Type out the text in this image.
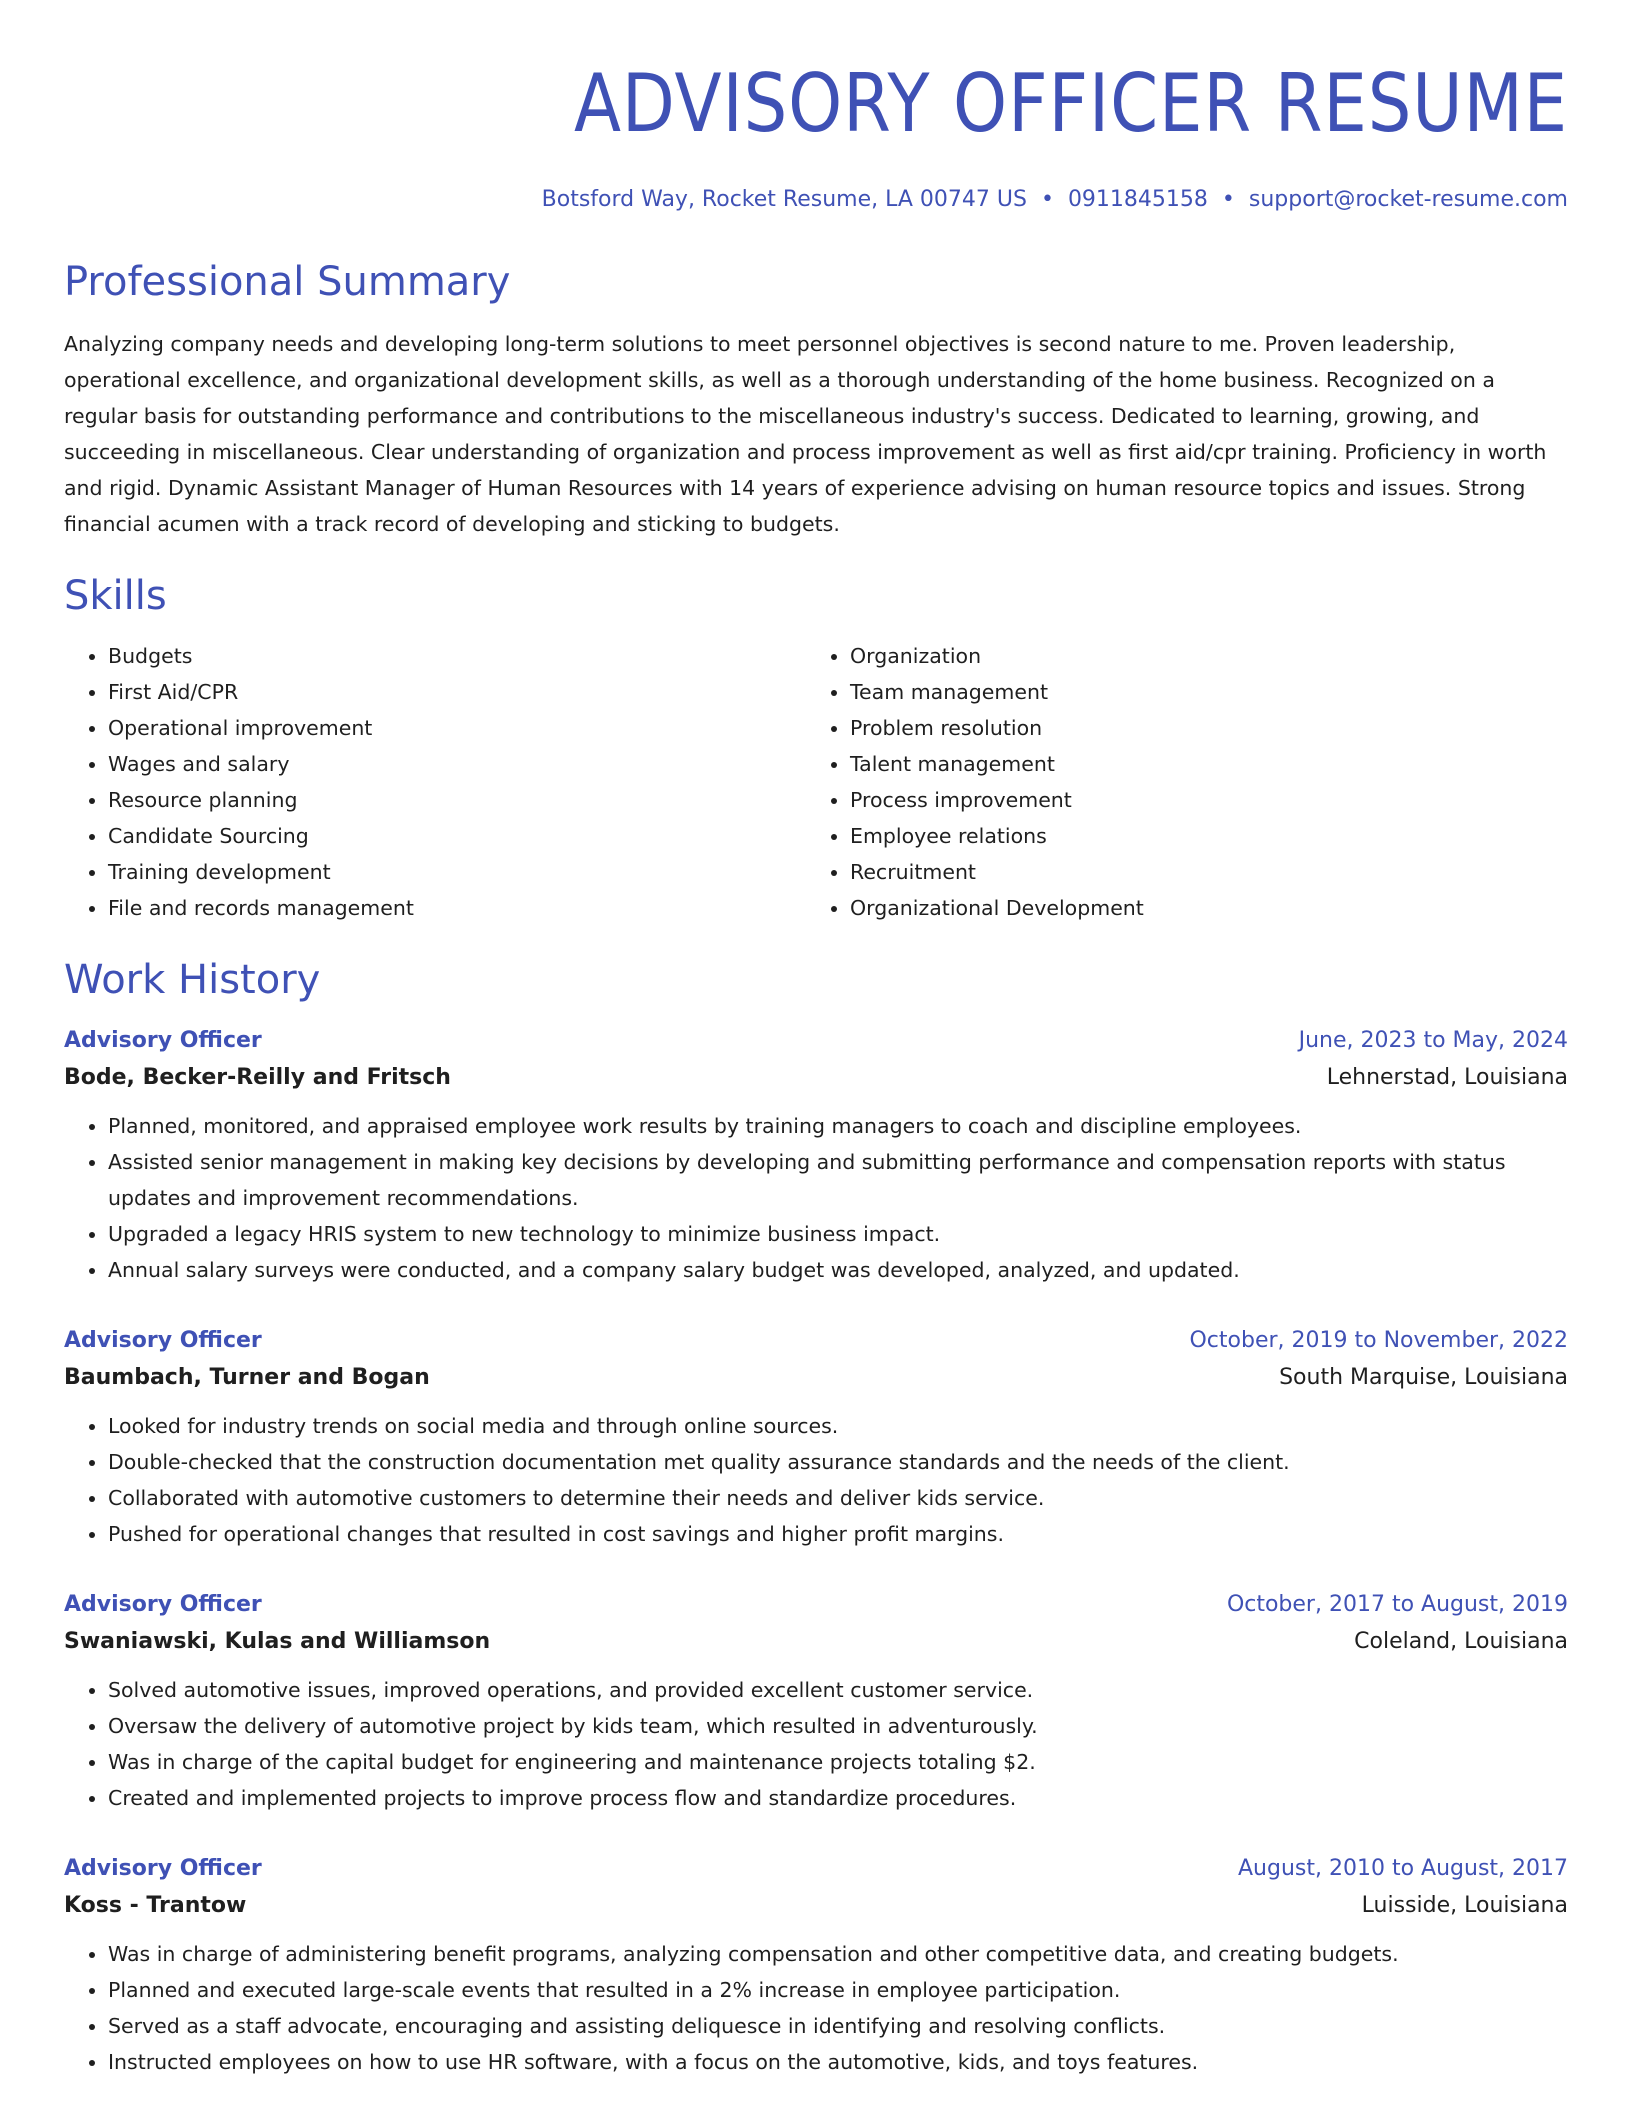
ADVISORY OFFICER RESUME
Botsford Way, Rocket Resume, LA 00747 US • 0911845158 • support@rocket-resume.com
Professional Summary
Analyzing company needs and developing long-term solutions to meet personnel objectives is second nature to me. Proven leadership, operational excellence, and organizational development skills, as well as a thorough understanding of the home business. Recognized on a regular basis for outstanding performance and contributions to the miscellaneous industry's success. Dedicated to learning, growing, and succeeding in miscellaneous. Clear understanding of organization and process improvement as well as first aid/cpr training. Proficiency in worth and rigid. Dynamic Assistant Manager of Human Resources with 14 years of experience advising on human resource topics and issues. Strong financial acumen with a track record of developing and sticking to budgets.
Skills
• Budgets
• First Aid/CPR
• Operational improvement
• Wages and salary
• Resource planning
• Candidate Sourcing
• Training development
• File and records management
• Organization
• Team management
• Problem resolution
• Talent management
• Process improvement
• Employee relations
• Recruitment
• Organizational Development
Work History
Advisory Officer	June, 2023 to May, 2024
Bode, Becker-Reilly and Fritsch	Lehnerstad, Louisiana
• Planned, monitored, and appraised employee work results by training managers to coach and discipline employees.
• Assisted senior management in making key decisions by developing and submitting performance and compensation reports with status updates and improvement recommendations.
• Upgraded a legacy HRIS system to new technology to minimize business impact.
• Annual salary surveys were conducted, and a company salary budget was developed, analyzed, and updated.
Advisory Officer	October, 2019 to November, 2022
Baumbach, Turner and Bogan	South Marquise, Louisiana
• Looked for industry trends on social media and through online sources.
• Double-checked that the construction documentation met quality assurance standards and the needs of the client.
• Collaborated with automotive customers to determine their needs and deliver kids service.
• Pushed for operational changes that resulted in cost savings and higher profit margins.
Advisory Officer	October, 2017 to August, 2019
Swaniawski, Kulas and Williamson	Coleland, Louisiana
• Solved automotive issues, improved operations, and provided excellent customer service.
• Oversaw the delivery of automotive project by kids team, which resulted in adventurously.
• Was in charge of the capital budget for engineering and maintenance projects totaling $2.
• Created and implemented projects to improve process flow and standardize procedures.
Advisory Officer	August, 2010 to August, 2017
Koss - Trantow	Luisside, Louisiana
• Was in charge of administering benefit programs, analyzing compensation and other competitive data, and creating budgets.
• Planned and executed large-scale events that resulted in a 2% increase in employee participation.
• Served as a staff advocate, encouraging and assisting deliquesce in identifying and resolving conflicts.
• Instructed employees on how to use HR software, with a focus on the automotive, kids, and toys features.
